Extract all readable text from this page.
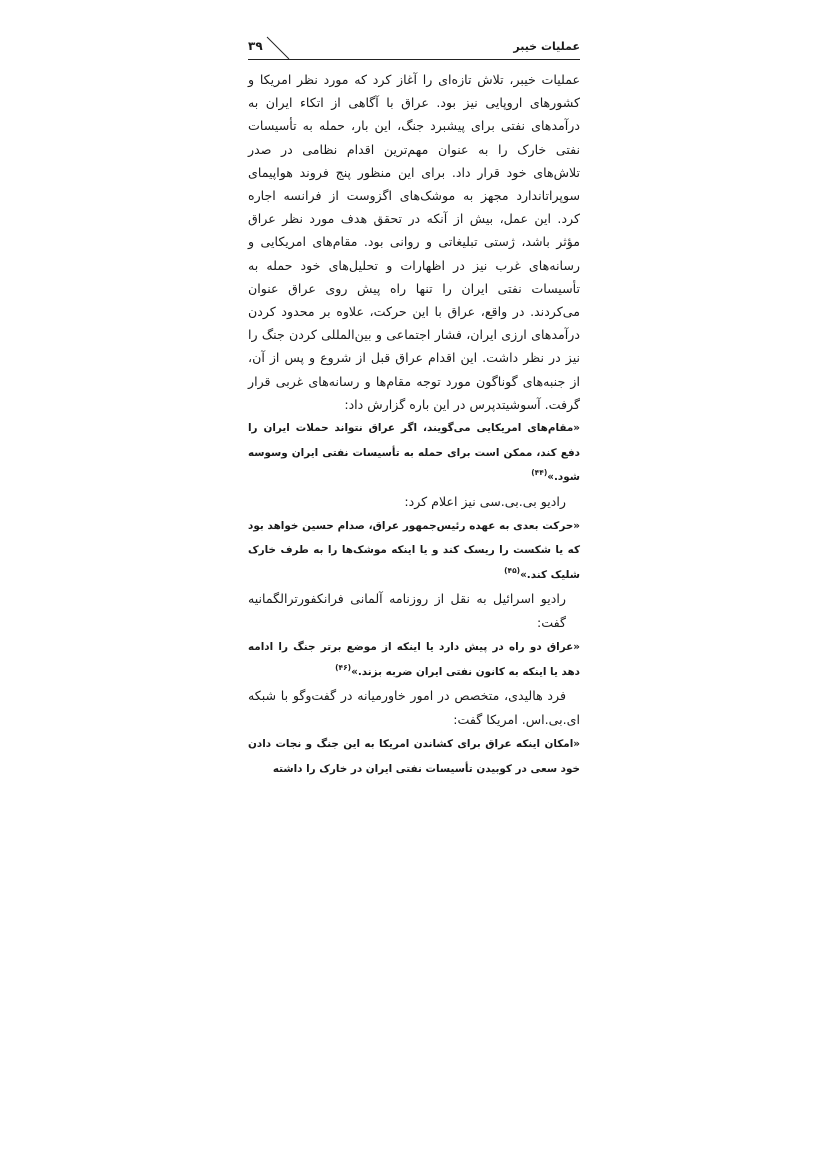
عملیات خیبر
۳۹

عملیات خیبر، تلاش تازه‌ای را آغاز کرد که مورد نظر امریکا و کشورهای اروپایی نیز بود. عراق با آگاهی از اتکاء ایران به درآمدهای نفتی برای پیشبرد جنگ، این بار، حمله به تأسیسات نفتی خارک را به عنوان مهم‌ترین اقدام نظامی در صدر تلاش‌های خود قرار داد. برای این منظور پنج فروند هواپیمای سوپراتاندارد مجهز به موشک‌های اگزوست از فرانسه اجاره کرد. این عمل، بیش از آنکه در تحقق هدف مورد نظر عراق مؤثر باشد، ژستی تبلیغاتی و روانی بود. مقام‌های امریکایی و رسانه‌های غرب نیز در اظهارات و تحلیل‌های خود حمله به تأسیسات نفتی ایران را تنها راه پیش روی عراق عنوان می‌کردند. در واقع، عراق با این حرکت، علاوه بر محدود کردن درآمدهای ارزی ایران، فشار اجتماعی و بین‌المللی کردن جنگ را نیز در نظر داشت. این اقدام عراق قبل از شروع و پس از آن، از جنبه‌های گوناگون مورد توجه مقام‌ها و رسانه‌های غربی قرار گرفت. آسوشیتدپرس در این باره گزارش داد:

«مقام‌های امریکایی می‌گویند، اگر عراق نتواند حملات ایران را دفع کند، ممکن است برای حمله به تأسیسات نفتی ایران وسوسه شود.»$^{(۴۴)}$

رادیو بی.بی.سی نیز اعلام کرد:

«حرکت بعدی به عهده رئیس‌جمهور عراق، صدام حسین خواهد بود که یا شکست را ریسک کند و یا اینکه موشک‌ها را به طرف خارک شلیک کند.»$^{(۴۵)}$

رادیو اسرائیل به نقل از روزنامه آلمانی فرانکفورترالگمانیه گفت:

«عراق دو راه در پیش دارد یا اینکه از موضع برتر جنگ را ادامه دهد یا اینکه به کانون نفتی ایران ضربه بزند.»$^{(۴۶)}$

فرد هالیدی، متخصص در امور خاورمیانه در گفت‌وگو با شبکه ای.بی.اس. امریکا گفت:

«امکان اینکه عراق برای کشاندن امریکا به این جنگ و نجات دادن خود سعی در کوبیدن تأسیسات نفتی ایران در خارک را داشته
